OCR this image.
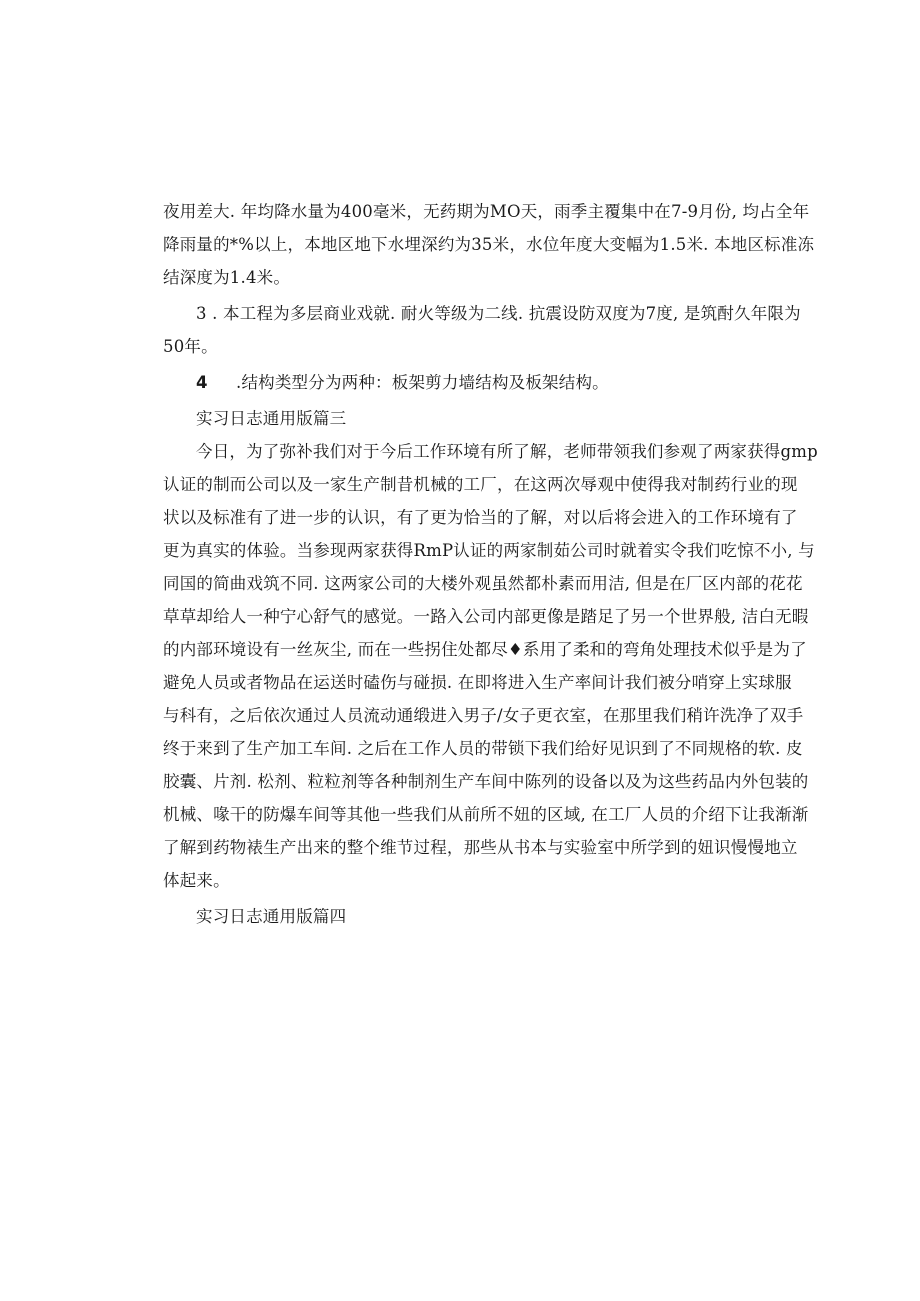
夜用差大. 年均降水量为400毫米，无药期为MO天，雨季主覆集中在7-9月份, 均占全年
降雨量的*%以上，本地区地下水埋深约为35米，水位年度大变幅为1.5米. 本地区标准冻
结深度为1.4米。
3 . 本工程为多层商业戏就. 耐火等级为二线. 抗震设防双度为7度, 是筑酎久年限为
50年。
4 .结构类型分为两种：板架剪力墙结构及板架结构。
实习日志通用版篇三
今日，为了弥补我们对于今后工作环境有所了解，老师带领我们参观了两家获得gmp
认证的制而公司以及一家生产制昔机械的工厂，在这两次辱观中使得我对制药行业的现
状以及标准有了进一步的认识，有了更为恰当的了解，对以后将会进入的工作环境有了
更为真实的体验。当参现两家获得RmP认证的两家制茹公司时就着实令我们吃惊不小, 与
同国的简曲戏筑不同. 这两家公司的大楼外观虽然都朴素而用洁, 但是在厂区内部的花花
草草却给人一种宁心舒气的感觉。一路入公司内部更像是踏足了另一个世界般, 洁白无暇
的内部环境设有一丝灰尘, 而在一些拐住处都尽♦系用了柔和的弯角处理技术似乎是为了
避免人员或者物品在运送时磕伤与碰损. 在即将进入生产率间计我们被分哨穿上实球服
与科有，之后依次通过人员流动通缎进入男子/女子更衣室，在那里我们稍许洗净了双手
终于来到了生产加工车间. 之后在工作人员的带锁下我们给好见识到了不同规格的软. 皮
胶囊、片剂. 松剂、粒粒剂等各种制剂生产车间中陈列的设备以及为这些药品内外包装的
机械、喙干的防爆车间等其他一些我们从前所不妞的区域, 在工厂人员的介绍下让我渐渐
了解到药物裱生产出来的整个维节过程，那些从书本与实验室中所学到的妞识慢慢地立
体起来。
实习日志通用版篇四
